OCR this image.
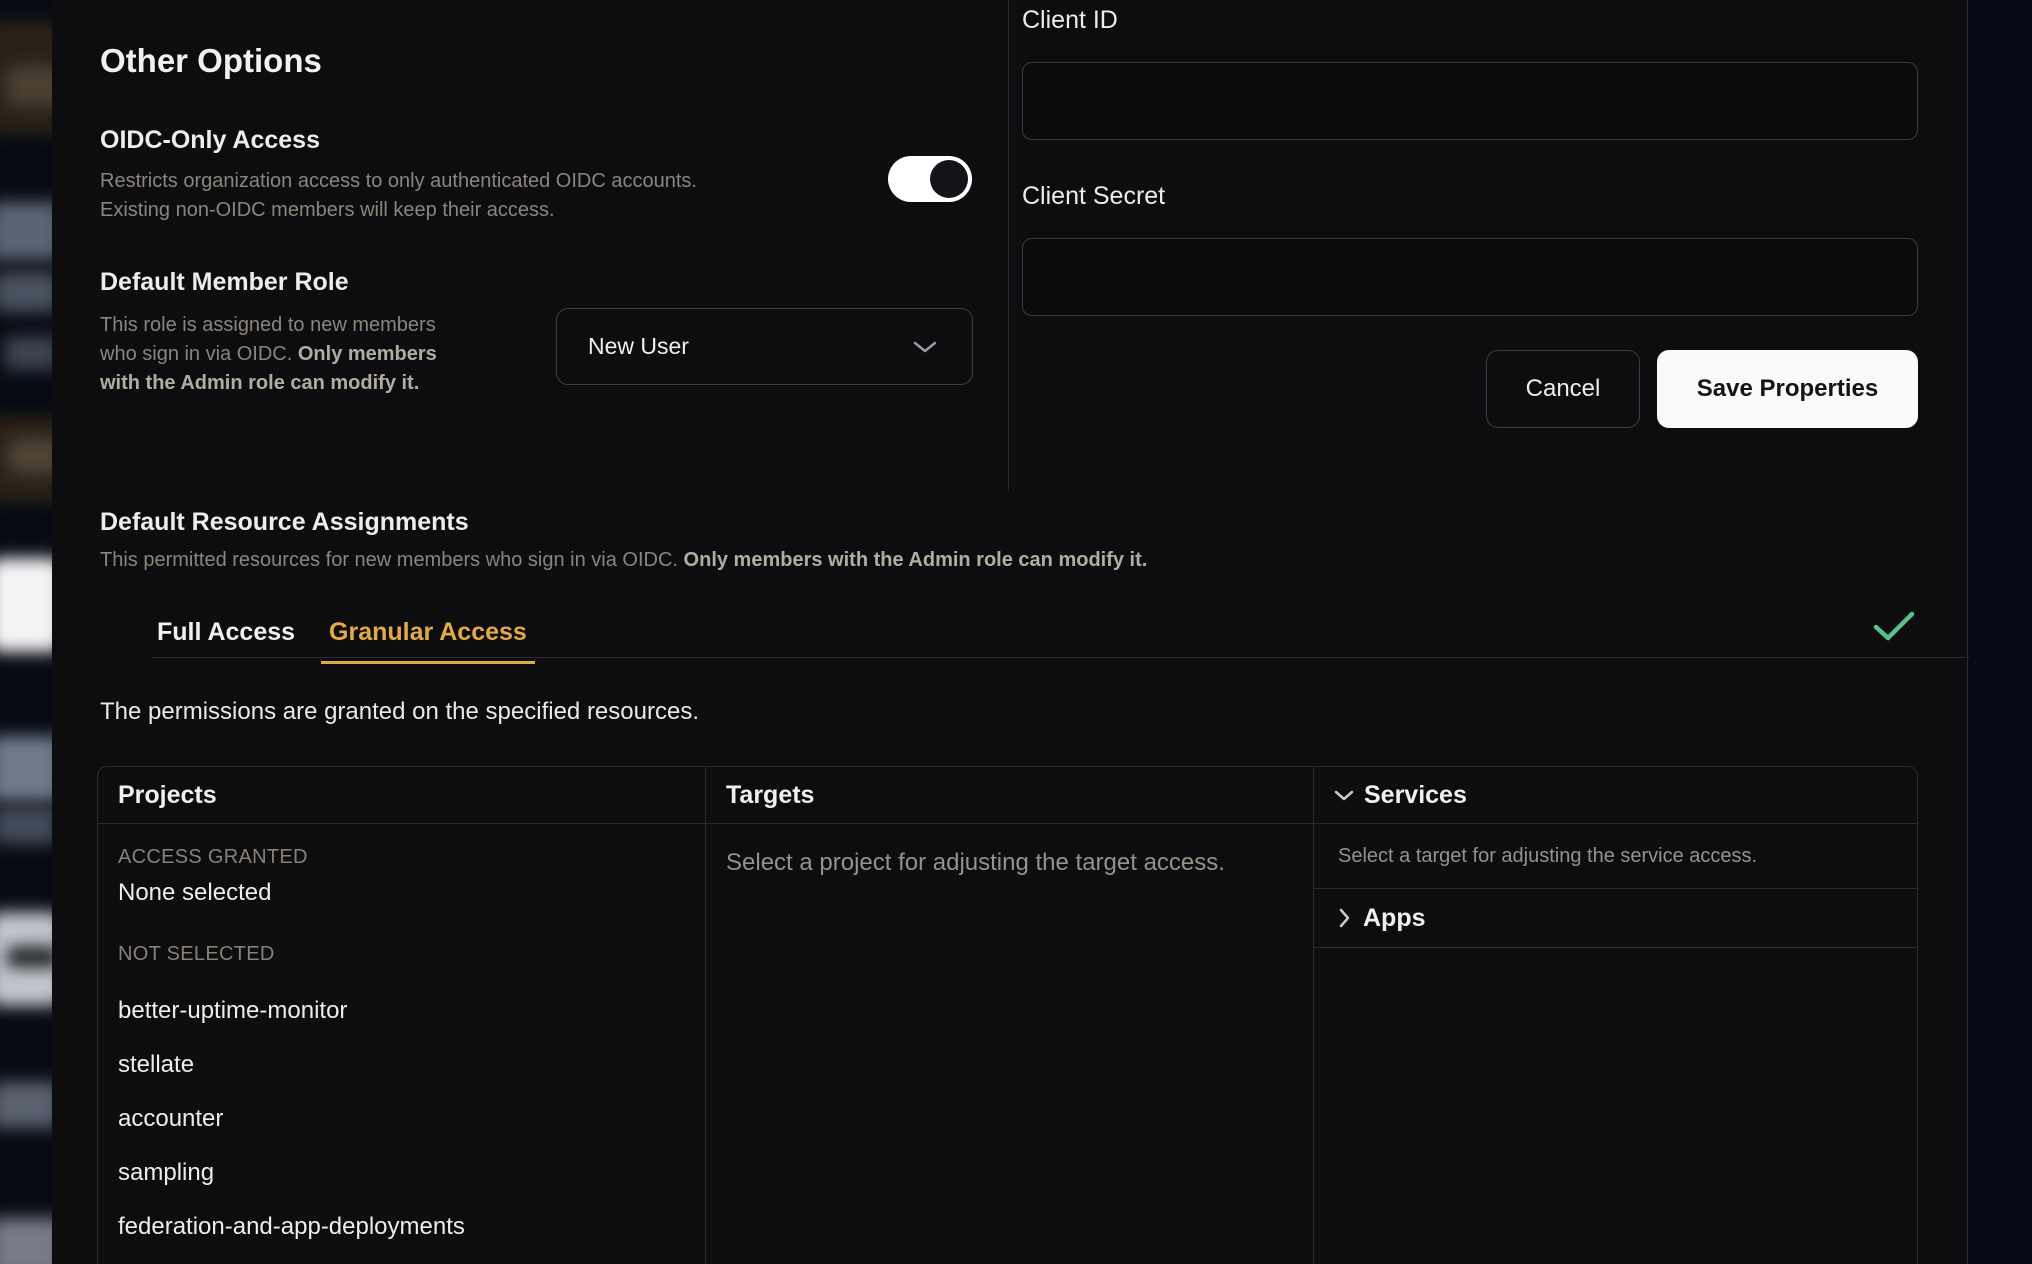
Other Options
OIDC-Only Access
Restricts organization access to only authenticated OIDC accounts.
Existing non-OIDC members will keep their access.
Default Member Role
This role is assigned to new members
who sign in via OIDC. Only members
with the Admin role can modify it.
New User
Client ID
Client Secret
Cancel	Save Properties
Default Resource Assignments
This permitted resources for new members who sign in via OIDC. Only members with the Admin role can modify it.
Full Access	Granular Access
The permissions are granted on the specified resources.
Projects
ACCESS GRANTED
None selected
NOT SELECTED
better-uptime-monitor
stellate
accounter
sampling
federation-and-app-deployments
Targets
Select a project for adjusting the target access.
Services
Select a target for adjusting the service access.
Apps
